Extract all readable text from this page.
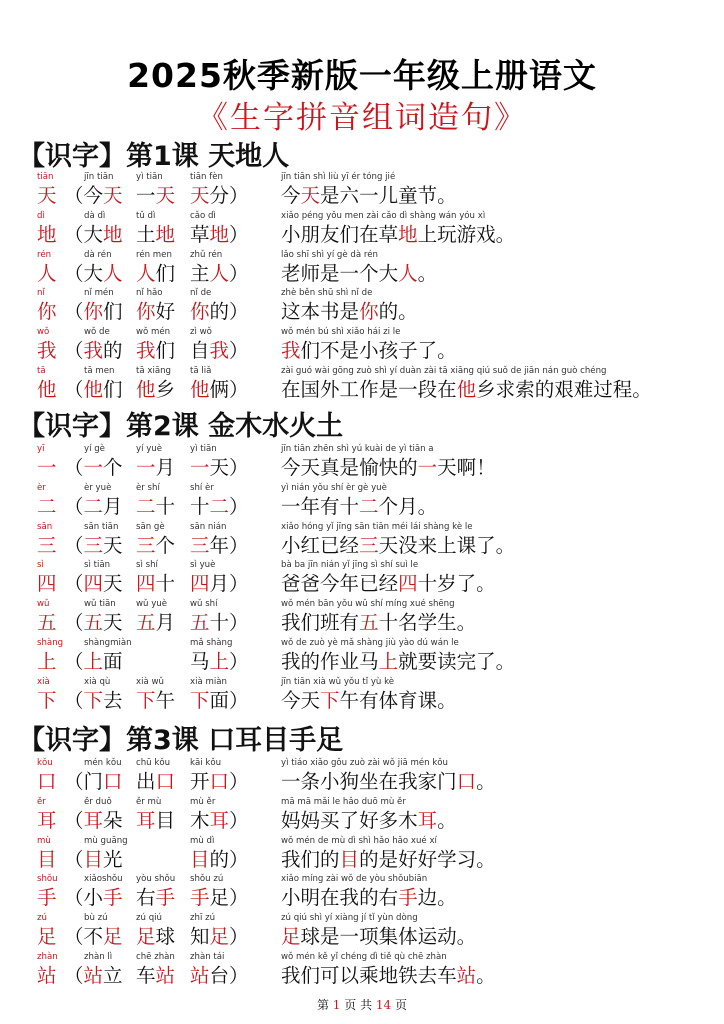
2025秋季新版一年级上册语文
《生字拼音组词造句》
【识字】第1课 天地人
tiān
天
jīn tiān
（今天
yì tiān
一天
tiān fèn
天分）
jīn tiān shì liù yī ér tóng jié
今天是六一儿童节。
dì
地
dà dì
（大地
tǔ dì
土地
cǎo dì
草地）
xiǎo péng yǒu men zài cǎo dì shàng wán yóu xì
小朋友们在草地上玩游戏。
rén
人
dà rén
（大人
rén men
人们
zhǔ rén
主人）
lǎo shī shì yí gè dà rén
老师是一个大人。
nǐ
你
nǐ mén
（你们
nǐ hǎo
你好
nǐ de
你的）
zhè běn shū shì nǐ de
这本书是你的。
wǒ
我
wǒ de
（我的
wǒ mén
我们
zì wǒ
自我）
wǒ mén bú shì xiǎo hái zi le
我们不是小孩子了。
tā
他
tā men
（他们
tā xiāng
他乡
tā liǎ
他俩）
zài guó wài gōng zuò shì yí duàn zài tā xiāng qiú suǒ de jiān nán guò chéng
在国外工作是一段在他乡求索的艰难过程。
【识字】第2课 金木水火土
yī
一
yí gè
（一个
yí yuè
一月
yì tiān
一天）
jīn tiān zhēn shì yú kuài de yì tiān a
今天真是愉快的一天啊！
èr
二
èr yuè
（二月
èr shí
二十
shí èr
十二）
yì nián yǒu shí èr gè yuè
一年有十二个月。
sān
三
sān tiān
（三天
sān gè
三个
sān nián
三年）
xiǎo hóng yǐ jīng sān tiān méi lái shàng kè le
小红已经三天没来上课了。
sì
四
sì tiān
（四天
sì shí
四十
sì yuè
四月）
bà ba jīn nián yǐ jīng sì shí suì le
爸爸今年已经四十岁了。
wǔ
五
wǔ tiān
（五天
wǔ yuè
五月
wǔ shí
五十）
wǒ mén bān yǒu wǔ shí míng xué shēng
我们班有五十名学生。
shàng
上
shàngmiàn
（上面
mǎ shàng
马上）
wǒ de zuò yè mǎ shàng jiù yào dú wán le
我的作业马上就要读完了。
xià
下
xià qù
（下去
xià wǔ
下午
xià miàn
下面）
jīn tiān xià wǔ yǒu tǐ yù kè
今天下午有体育课。
【识字】第3课 口耳目手足
kǒu
口
mén kǒu
（门口
chū kǒu
出口
kāi kǒu
开口）
yì tiáo xiǎo gǒu zuò zài wǒ jiā mén kǒu
一条小狗坐在我家门口。
ěr
耳
ěr duǒ
（耳朵
ěr mù
耳目
mù ěr
木耳）
mā mā mǎi le hǎo duō mù ěr
妈妈买了好多木耳。
mù
目
mù guāng
（目光
mù dì
目的）
wǒ mén de mù dì shì hǎo hǎo xué xí
我们的目的是好好学习。
shǒu
手
xiǎoshǒu
（小手
yòu shǒu
右手
shǒu zú
手足）
xiǎo míng zài wǒ de yòu shǒubiān
小明在我的右手边。
zú
足
bù zú
（不足
zú qiú
足球
zhī zú
知足）
zú qiú shì yí xiàng jí tǐ yùn dòng
足球是一项集体运动。
zhàn
站
zhàn lì
（站立
chē zhàn
车站
zhàn tái
站台）
wǒ mén kě yǐ chéng dì tiě qù chē zhàn
我们可以乘地铁去车站。
第 1 页 共 14 页
